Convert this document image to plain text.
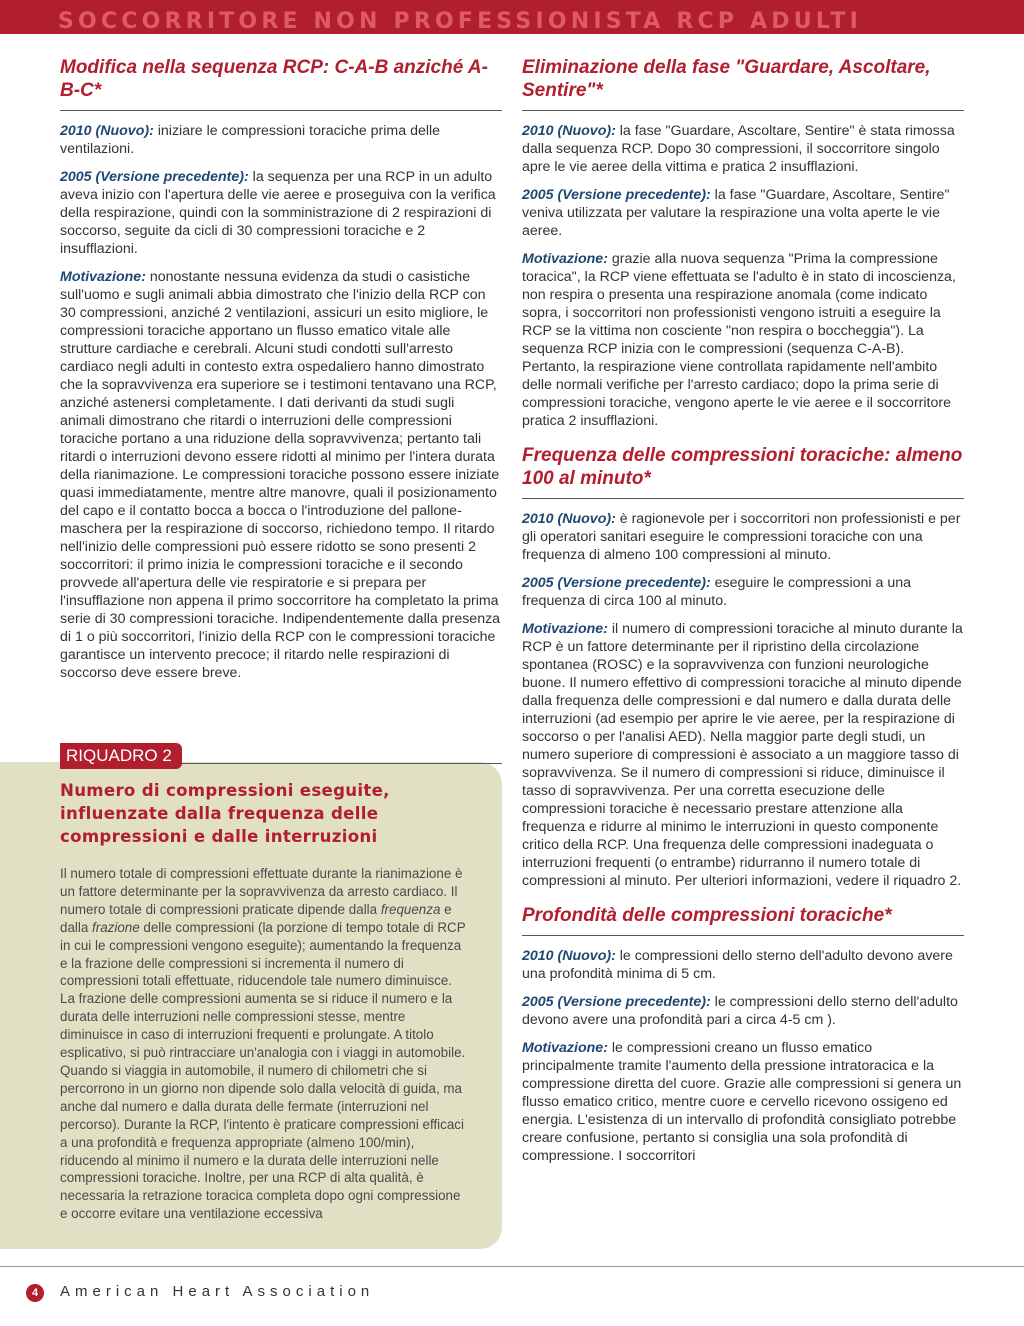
SOCCORRITORE NON PROFESSIONISTA RCP ADULTI
Modifica nella sequenza RCP: C-A-B anziché A-B-C*

2010 (Nuovo): iniziare le compressioni toraciche prima delle ventilazioni.

2005 (Versione precedente): la sequenza per una RCP in un adulto aveva inizio con l'apertura delle vie aeree e proseguiva con la verifica della respirazione, quindi con la somministrazione di 2 respirazioni di soccorso, seguite da cicli di 30 compressioni toraciche e 2 insufflazioni.

Motivazione: nonostante nessuna evidenza da studi o casistiche sull'uomo e sugli animali abbia dimostrato che l'inizio della RCP con 30 compressioni, anziché 2 ventilazioni, assicuri un esito migliore, le compressioni toraciche apportano un flusso ematico vitale alle strutture cardiache e cerebrali. Alcuni studi condotti sull'arresto cardiaco negli adulti in contesto extra ospedaliero hanno dimostrato che la sopravvivenza era superiore se i testimoni tentavano una RCP, anziché astenersi completamente. I dati derivanti da studi sugli animali dimostrano che ritardi o interruzioni delle compressioni toraciche portano a una riduzione della sopravvivenza; pertanto tali ritardi o interruzioni devono essere ridotti al minimo per l'intera durata della rianimazione. Le compressioni toraciche possono essere iniziate quasi immediatamente, mentre altre manovre, quali il posizionamento del capo e il contatto bocca a bocca o l'introduzione del pallone-maschera per la respirazione di soccorso, richiedono tempo. Il ritardo nell'inizio delle compressioni può essere ridotto se sono presenti 2 soccorritori: il primo inizia le compressioni toraciche e il secondo provvede all'apertura delle vie respiratorie e si prepara per l'insufflazione non appena il primo soccorritore ha completato la prima serie di 30 compressioni toraciche. Indipendentemente dalla presenza di 1 o più soccorritori, l'inizio della RCP con le compressioni toraciche garantisce un intervento precoce; il ritardo nelle respirazioni di soccorso deve essere breve.

RIQUADRO 2
Numero di compressioni eseguite, influenzate dalla frequenza delle compressioni e dalle interruzioni

Il numero totale di compressioni effettuate durante la rianimazione è un fattore determinante per la sopravvivenza da arresto cardiaco. Il numero totale di compressioni praticate dipende dalla frequenza e dalla frazione delle compressioni (la porzione di tempo totale di RCP in cui le compressioni vengono eseguite); aumentando la frequenza e la frazione delle compressioni si incrementa il numero di compressioni totali effettuate, riducendole tale numero diminuisce. La frazione delle compressioni aumenta se si riduce il numero e la durata delle interruzioni nelle compressioni stesse, mentre diminuisce in caso di interruzioni frequenti e prolungate. A titolo esplicativo, si può rintracciare un'analogia con i viaggi in automobile. Quando si viaggia in automobile, il numero di chilometri che si percorrono in un giorno non dipende solo dalla velocità di guida, ma anche dal numero e dalla durata delle fermate (interruzioni nel percorso). Durante la RCP, l'intento è praticare compressioni efficaci a una profondità e frequenza appropriate (almeno 100/min), riducendo al minimo il numero e la durata delle interruzioni nelle compressioni toraciche. Inoltre, per una RCP di alta qualità, è necessaria la retrazione toracica completa dopo ogni compressione e occorre evitare una ventilazione eccessiva

Eliminazione della fase "Guardare, Ascoltare, Sentire"*

2010 (Nuovo): la fase "Guardare, Ascoltare, Sentire" è stata rimossa dalla sequenza RCP. Dopo 30 compressioni, il soccorritore singolo apre le vie aeree della vittima e pratica 2 insufflazioni.

2005 (Versione precedente): la fase "Guardare, Ascoltare, Sentire" veniva utilizzata per valutare la respirazione una volta aperte le vie aeree.

Motivazione: grazie alla nuova sequenza "Prima la compressione toracica", la RCP viene effettuata se l'adulto è in stato di incoscienza, non respira o presenta una respirazione anomala (come indicato sopra, i soccorritori non professionisti vengono istruiti a eseguire la RCP se la vittima non cosciente "non respira o boccheggia"). La sequenza RCP inizia con le compressioni (sequenza C-A-B). Pertanto, la respirazione viene controllata rapidamente nell'ambito delle normali verifiche per l'arresto cardiaco; dopo la prima serie di compressioni toraciche, vengono aperte le vie aeree e il soccorritore pratica 2 insufflazioni.

Frequenza delle compressioni toraciche: almeno 100 al minuto*

2010 (Nuovo): è ragionevole per i soccorritori non professionisti e per gli operatori sanitari eseguire le compressioni toraciche con una frequenza di almeno 100 compressioni al minuto.

2005 (Versione precedente): eseguire le compressioni a una frequenza di circa 100 al minuto.

Motivazione: il numero di compressioni toraciche al minuto durante la RCP è un fattore determinante per il ripristino della circolazione spontanea (ROSC) e la sopravvivenza con funzioni neurologiche buone. Il numero effettivo di compressioni toraciche al minuto dipende dalla frequenza delle compressioni e dal numero e dalla durata delle interruzioni (ad esempio per aprire le vie aeree, per la respirazione di soccorso o per l'analisi AED). Nella maggior parte degli studi, un numero superiore di compressioni è associato a un maggiore tasso di sopravvivenza. Se il numero di compressioni si riduce, diminuisce il tasso di sopravvivenza. Per una corretta esecuzione delle compressioni toraciche è necessario prestare attenzione alla frequenza e ridurre al minimo le interruzioni in questo componente critico della RCP. Una frequenza delle compressioni inadeguata o interruzioni frequenti (o entrambe) ridurranno il numero totale di compressioni al minuto. Per ulteriori informazioni, vedere il riquadro 2.

Profondità delle compressioni toraciche*

2010 (Nuovo): le compressioni dello sterno dell'adulto devono avere una profondità minima di 5 cm.

2005 (Versione precedente): le compressioni dello sterno dell'adulto devono avere una profondità pari a circa 4-5 cm ).

Motivazione: le compressioni creano un flusso ematico principalmente tramite l'aumento della pressione intratoracica e la compressione diretta del cuore. Grazie alle compressioni si genera un flusso ematico critico, mentre cuore e cervello ricevono ossigeno ed energia. L'esistenza di un intervallo di profondità consigliato potrebbe creare confusione, pertanto si consiglia una sola profondità di compressione. I soccorritori

4	American Heart Association
